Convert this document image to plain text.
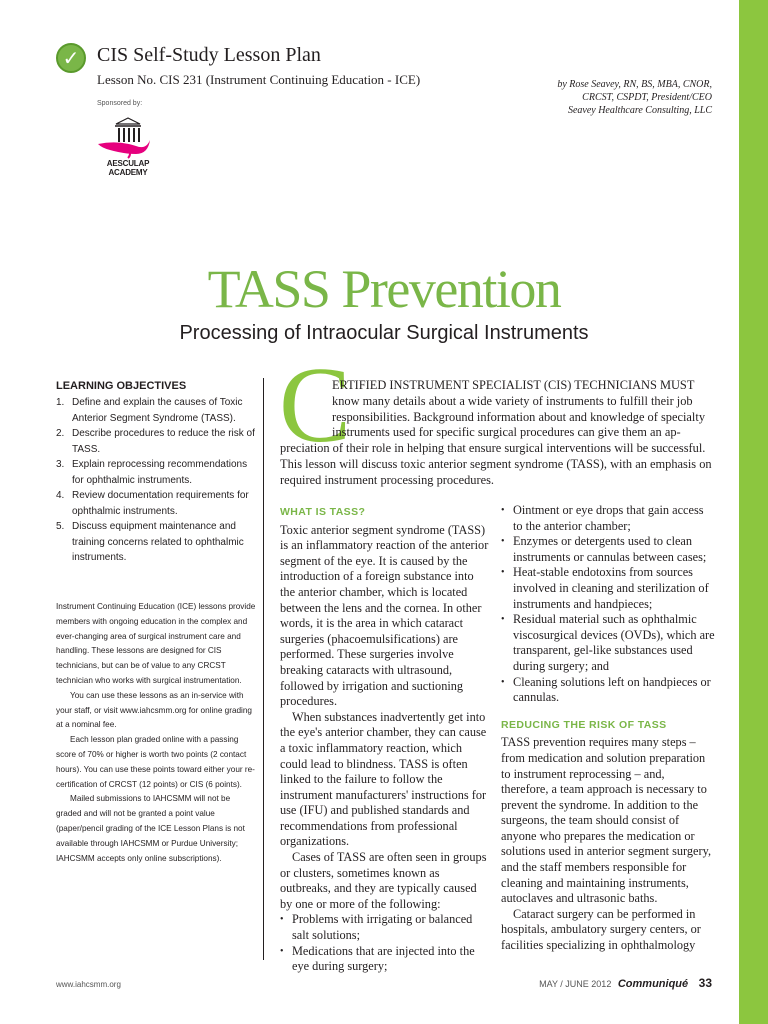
✓ CIS Self-Study Lesson Plan
Lesson No. CIS 231 (Instrument Continuing Education - ICE)	by Rose Seavey, RN, BS, MBA, CNOR,
CRCST, CSPDT, President/CEO
Seavey Healthcare Consulting, LLC
Sponsored by:
AESCULAP
ACADEMY
TASS Prevention
Processing of Intraocular Surgical Instruments
LEARNING OBJECTIVES
1. Define and explain the causes of Toxic Anterior Segment Syndrome (TASS).
2. Describe procedures to reduce the risk of TASS.
3. Explain reprocessing recommendations for ophthalmic instruments.
4. Review documentation requirements for ophthalmic instruments.
5. Discuss equipment maintenance and training concerns related to ophthalmic instruments.

Instrument Continuing Education (ICE) lessons provide members with ongoing education in the complex and ever-changing area of surgical instrument care and handling. These lessons are designed for CIS technicians, but can be of value to any CRCST technician who works with surgical instrumentation.

You can use these lessons as an in-service with your staff, or visit www.iahcsmm.org for online grading at a nominal fee.

Each lesson plan graded online with a passing score of 70% or higher is worth two points (2 contact hours). You can use these points toward either your re-certification of CRCST (12 points) or CIS (6 points).

Mailed submissions to IAHCSMM will not be graded and will not be granted a point value (paper/pencil grading of the ICE Lesson Plans is not available through IAHCSMM or Purdue University; IAHCSMM accepts only online subscriptions).

C
ERTIFIED INSTRUMENT SPECIALIST (CIS) TECHNICIANS MUST
know many details about a wide variety of instruments to fulfill their job
responsibilities. Background information about and knowledge of specialty
instruments used for specific surgical procedures can give them an ap-
preciation of their role in helping that ensure surgical interventions will be successful.
This lesson will discuss toxic anterior segment syndrome (TASS), with an emphasis on
required instrument processing procedures.
WHAT IS TASS?

Toxic anterior segment syndrome (TASS) is an inflammatory reaction of the anterior segment of the eye. It is caused by the introduction of a foreign substance into the anterior chamber, which is located between the lens and the cornea. In other words, it is the area in which cataract surgeries (phacoemulsifications) are performed. These surgeries involve breaking cataracts with ultrasound, followed by irrigation and suctioning procedures.

When substances inadvertently get into the eye's anterior chamber, they can cause a toxic inflammatory reaction, which could lead to blindness. TASS is often linked to the failure to follow the instrument manufacturers' instructions for use (IFU) and published standards and recommendations from professional organizations.

Cases of TASS are often seen in groups or clusters, sometimes known as outbreaks, and they are typically caused by one or more of the following:

• Problems with irrigating or balanced salt solutions;
• Medications that are injected into the eye during surgery;
• Ointment or eye drops that gain access to the anterior chamber;
• Enzymes or detergents used to clean instruments or cannulas between cases;
• Heat-stable endotoxins from sources involved in cleaning and sterilization of instruments and handpieces;
• Residual material such as ophthalmic viscosurgical devices (OVDs), which are transparent, gel-like substances used during surgery; and
• Cleaning solutions left on handpieces or cannulas.
REDUCING THE RISK OF TASS

TASS prevention requires many steps – from medication and solution preparation to instrument reprocessing – and, therefore, a team approach is necessary to prevent the syndrome. In addition to the surgeons, the team should consist of anyone who prepares the medication or solutions used in anterior segment surgery, and the staff members responsible for cleaning and maintaining instruments, autoclaves and ultrasonic baths.

Cataract surgery can be performed in hospitals, ambulatory surgery centers, or facilities specializing in ophthalmology

www.iahcsmm.org	MAY / JUNE 2012 Communiqué 33
